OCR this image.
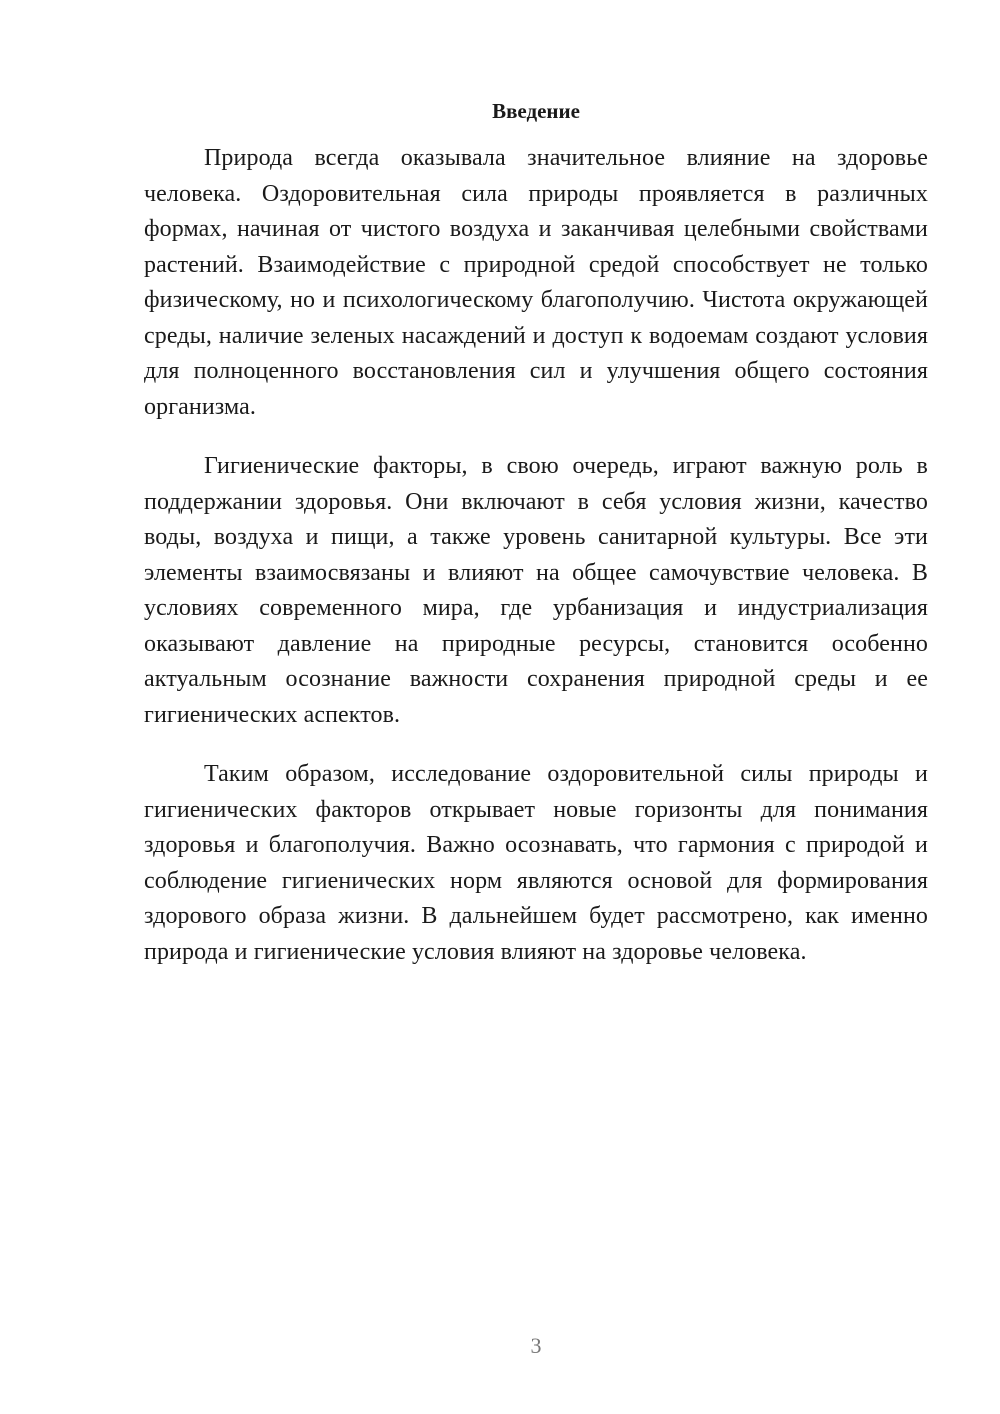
Введение

Природа всегда оказывала значительное влияние на здоровье человека. Оздоровительная сила природы проявляется в различных формах, начиная от чистого воздуха и заканчивая целебными свойствами растений. Взаимодействие с природной средой способствует не только физическому, но и психологическому благополучию. Чистота окружающей среды, наличие зеленых насаждений и доступ к водоемам создают условия для полноценного восстановления сил и улучшения общего состояния организма.

Гигиенические факторы, в свою очередь, играют важную роль в поддержании здоровья. Они включают в себя условия жизни, качество воды, воздуха и пищи, а также уровень санитарной культуры. Все эти элементы взаимосвязаны и влияют на общее самочувствие человека. В условиях современного мира, где урбанизация и индустриализация оказывают давление на природные ресурсы, становится особенно актуальным осознание важности сохранения природной среды и ее гигиенических аспектов.

Таким образом, исследование оздоровительной силы природы и гигиенических факторов открывает новые горизонты для понимания здоровья и благополучия. Важно осознавать, что гармония с природой и соблюдение гигиенических норм являются основой для формирования здорового образа жизни. В дальнейшем будет рассмотрено, как именно природа и гигиенические условия влияют на здоровье человека.

3
